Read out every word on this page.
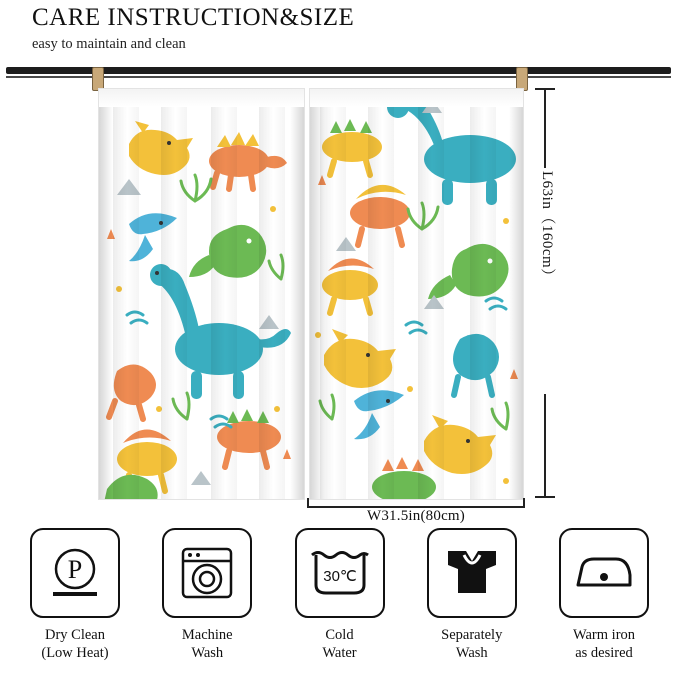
CARE INSTRUCTION&SIZE
easy to maintain and clean
L63in（160cm）
W31.5in(80cm)
P
Dry Clean
(Low Heat)
Machine
Wash
30℃
Cold
Water
Separately
Wash
Warm iron
as desired
